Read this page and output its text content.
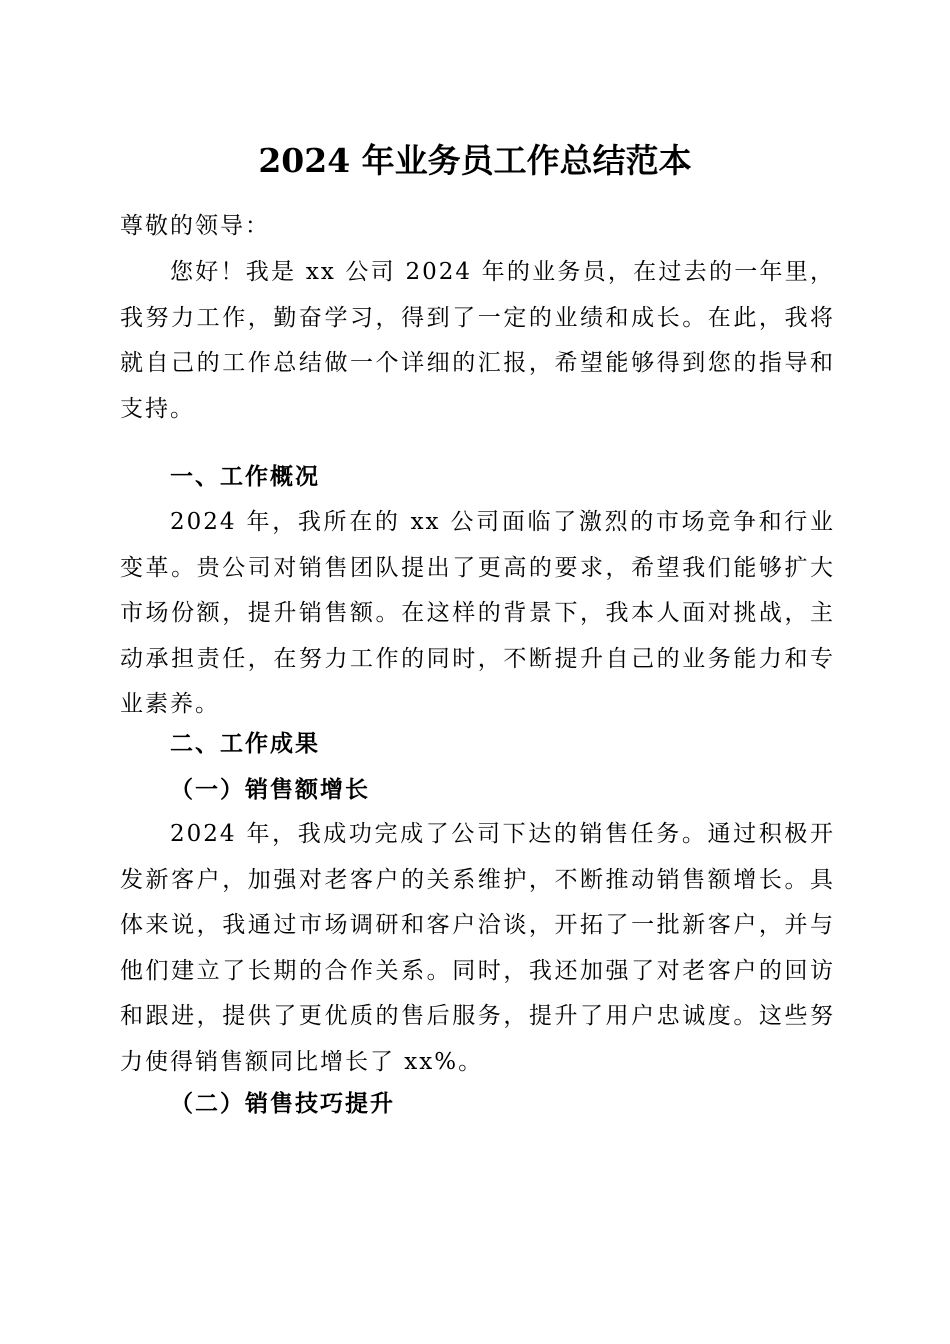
2024 年业务员工作总结范本

尊敬的领导：

您好！我是 xx 公司 2024 年的业务员，在过去的一年里，我努力工作，勤奋学习，得到了一定的业绩和成长。在此，我将就自己的工作总结做一个详细的汇报，希望能够得到您的指导和支持。

一、工作概况

2024 年，我所在的 xx 公司面临了激烈的市场竞争和行业变革。贵公司对销售团队提出了更高的要求，希望我们能够扩大市场份额，提升销售额。在这样的背景下，我本人面对挑战，主动承担责任，在努力工作的同时，不断提升自己的业务能力和专业素养。

二、工作成果

（一）销售额增长

2024 年，我成功完成了公司下达的销售任务。通过积极开发新客户，加强对老客户的关系维护，不断推动销售额增长。具体来说，我通过市场调研和客户洽谈，开拓了一批新客户，并与他们建立了长期的合作关系。同时，我还加强了对老客户的回访和跟进，提供了更优质的售后服务，提升了用户忠诚度。这些努力使得销售额同比增长了 xx%。

（二）销售技巧提升
